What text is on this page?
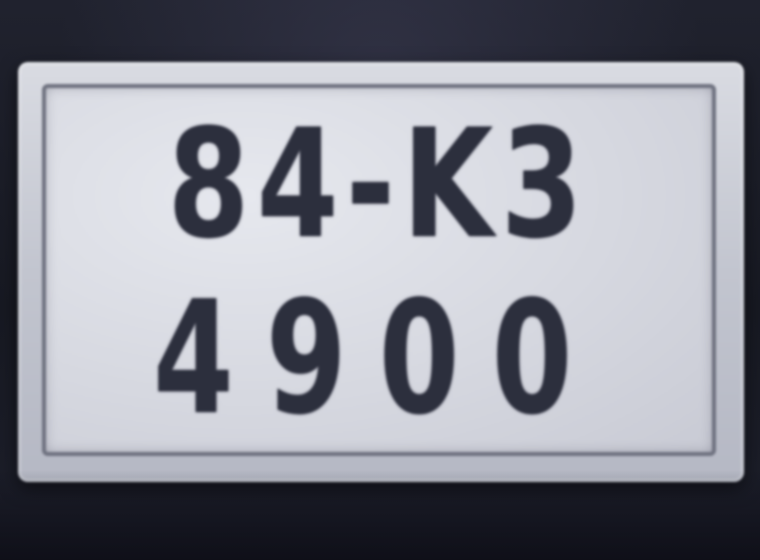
84-K3
4900
